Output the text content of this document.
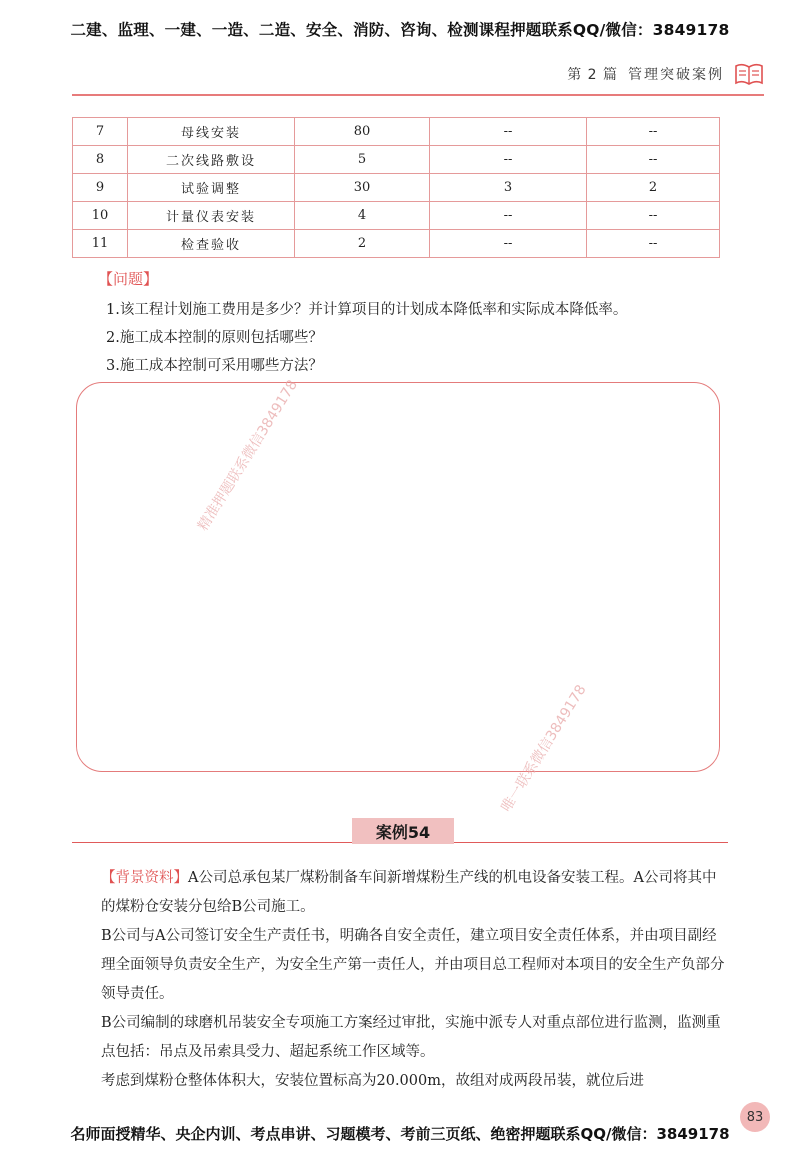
二建、监理、一建、一造、二造、安全、消防、咨询、检测课程押题联系QQ/微信：3849178
第 2 篇 管理突破案例
7	母线安装	80	--	--
8	二次线路敷设	5	--	--
9	试验调整	30	3	2
10	计量仪表安装	4	--	--
11	检查验收	2	--	--
【问题】
1.该工程计划施工费用是多少？并计算项目的计划成本降低率和实际成本降低率。
2.施工成本控制的原则包括哪些？
3.施工成本控制可采用哪些方法？
精准押题联系微信3849178
唯一联系微信3849178
案例54

【背景资料】A公司总承包某厂煤粉制备车间新增煤粉生产线的机电设备安装工程。A公司将其中的煤粉仓安装分包给B公司施工。

B公司与A公司签订安全生产责任书，明确各自安全责任，建立项目安全责任体系，并由项目副经理全面领导负责安全生产，为安全生产第一责任人，并由项目总工程师对本项目的安全生产负部分领导责任。

B公司编制的球磨机吊装安全专项施工方案经过审批，实施中派专人对重点部位进行监测，监测重点包括：吊点及吊索具受力、超起系统工作区域等。

考虑到煤粉仓整体体积大，安装位置标高为20.000m，故组对成两段吊装，就位后进

名师面授精华、央企内训、考点串讲、习题模考、考前三页纸、绝密押题联系QQ/微信：3849178
83
